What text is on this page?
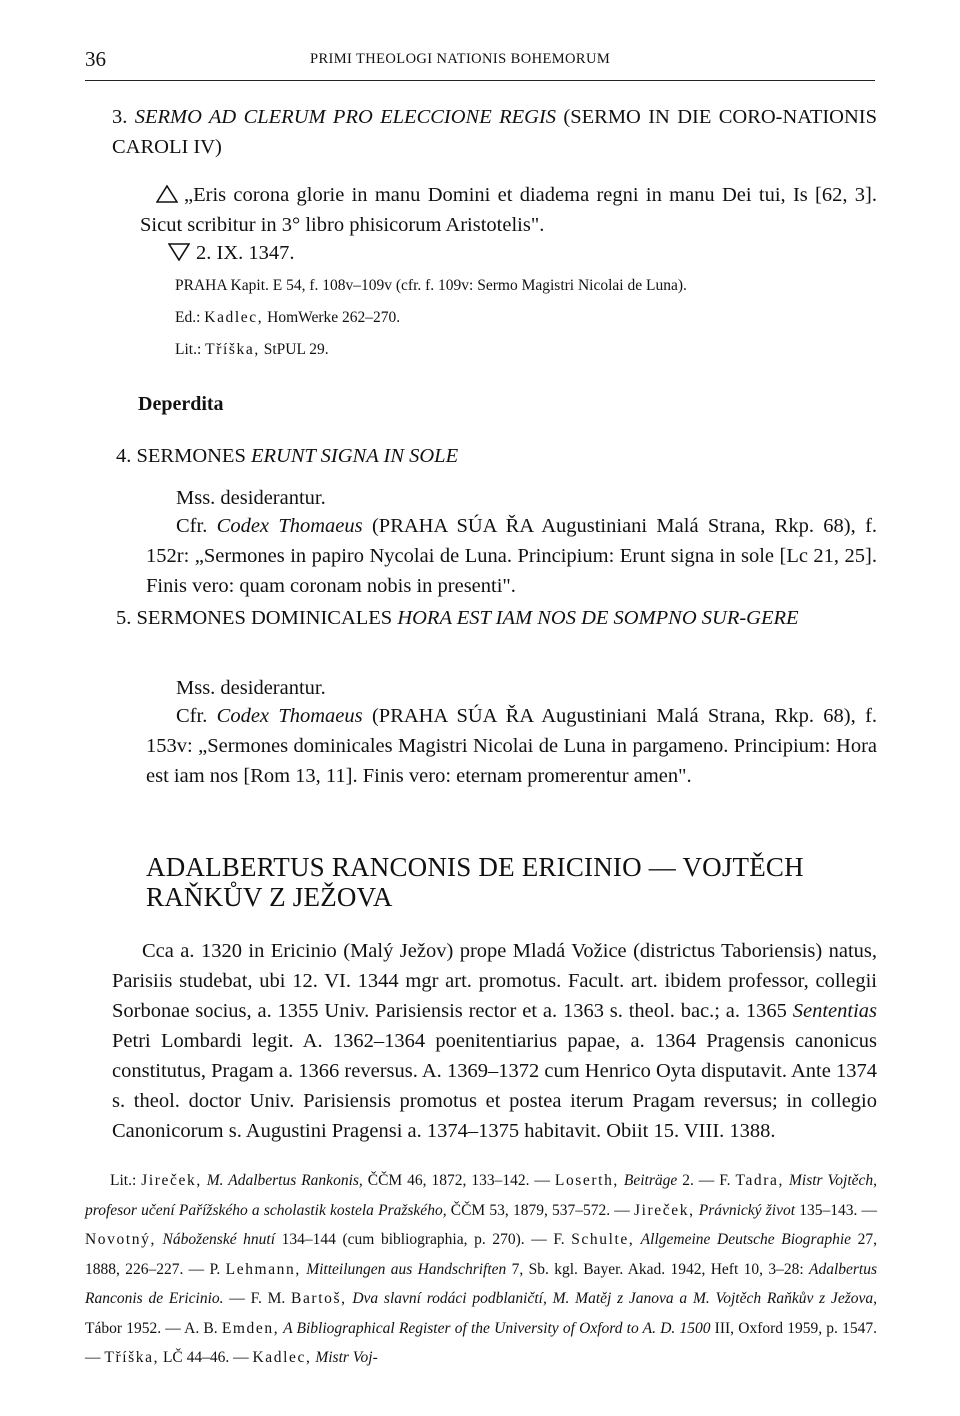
36	PRIMI THEOLOGI NATIONIS BOHEMORUM

3. SERMO AD CLERUM PRO ELECCIONE REGIS (SERMO IN DIE CORO-NATIONIS CAROLI IV)

„Eris corona glorie in manu Domini et diadema regni in manu Dei tui, Is [62, 3]. Sicut scribitur in 3° libro phisicorum Aristotelis".

2. IX. 1347.
PRAHA Kapit. E 54, f. 108v–109v (cfr. f. 109v: Sermo Magistri Nicolai de Luna).
Ed.: Kadlec, HomWerke 262–270.
Lit.: Tříška, StPUL 29.
Deperdita

4. SERMONES ERUNT SIGNA IN SOLE

Mss. desiderantur.

Cfr. Codex Thomaeus (PRAHA SÚA ŘA Augustiniani Malá Strana, Rkp. 68), f. 152r: „Sermones in papiro Nycolai de Luna. Principium: Erunt signa in sole [Lc 21, 25]. Finis vero: quam coronam nobis in presenti".

5. SERMONES DOMINICALES HORA EST IAM NOS DE SOMPNO SUR-GERE

Mss. desiderantur.

Cfr. Codex Thomaeus (PRAHA SÚA ŘA Augustiniani Malá Strana, Rkp. 68), f. 153v: „Sermones dominicales Magistri Nicolai de Luna in pargameno. Principium: Hora est iam nos [Rom 13, 11]. Finis vero: eternam promerentur amen".

ADALBERTUS RANCONIS DE ERICINIO — VOJTĚCH
RAŇKŮV Z JEŽOVA

Cca a. 1320 in Ericinio (Malý Ježov) prope Mladá Vožice (districtus Taboriensis) natus, Parisiis studebat, ubi 12. VI. 1344 mgr art. promotus. Facult. art. ibidem professor, collegii Sorbonae socius, a. 1355 Univ. Parisiensis rector et a. 1363 s. theol. bac.; a. 1365 Sententias Petri Lombardi legit. A. 1362–1364 poenitentiarius papae, a. 1364 Pragensis canonicus constitutus, Pragam a. 1366 reversus. A. 1369–1372 cum Henrico Oyta disputavit. Ante 1374 s. theol. doctor Univ. Parisiensis promotus et postea iterum Pragam reversus; in collegio Canonicorum s. Augustini Pragensi a. 1374–1375 habitavit. Obiit 15. VIII. 1388.

Lit.: Jireček, M. Adalbertus Rankonis, ČČM 46, 1872, 133–142. — Loserth, Beiträge 2. — F. Tadra, Mistr Vojtěch, profesor učení Pařížského a scholastik kostela Pražského, ČČM 53, 1879, 537–572. — Jireček, Právnický život 135–143. — Novotný, Náboženské hnutí 134–144 (cum bibliographia, p. 270). — F. Schulte, Allgemeine Deutsche Biographie 27, 1888, 226–227. — P. Lehmann, Mitteilungen aus Handschriften 7, Sb. kgl. Bayer. Akad. 1942, Heft 10, 3–28: Adalbertus Ranconis de Ericinio. — F. M. Bartoš, Dva slavní rodáci podblaničtí, M. Matěj z Janova a M. Vojtěch Raňkův z Ježova, Tábor 1952. — A. B. Emden, A Bibliographical Register of the University of Oxford to A. D. 1500 III, Oxford 1959, p. 1547. — Tříška, LČ 44–46. — Kadlec, Mistr Voj-
